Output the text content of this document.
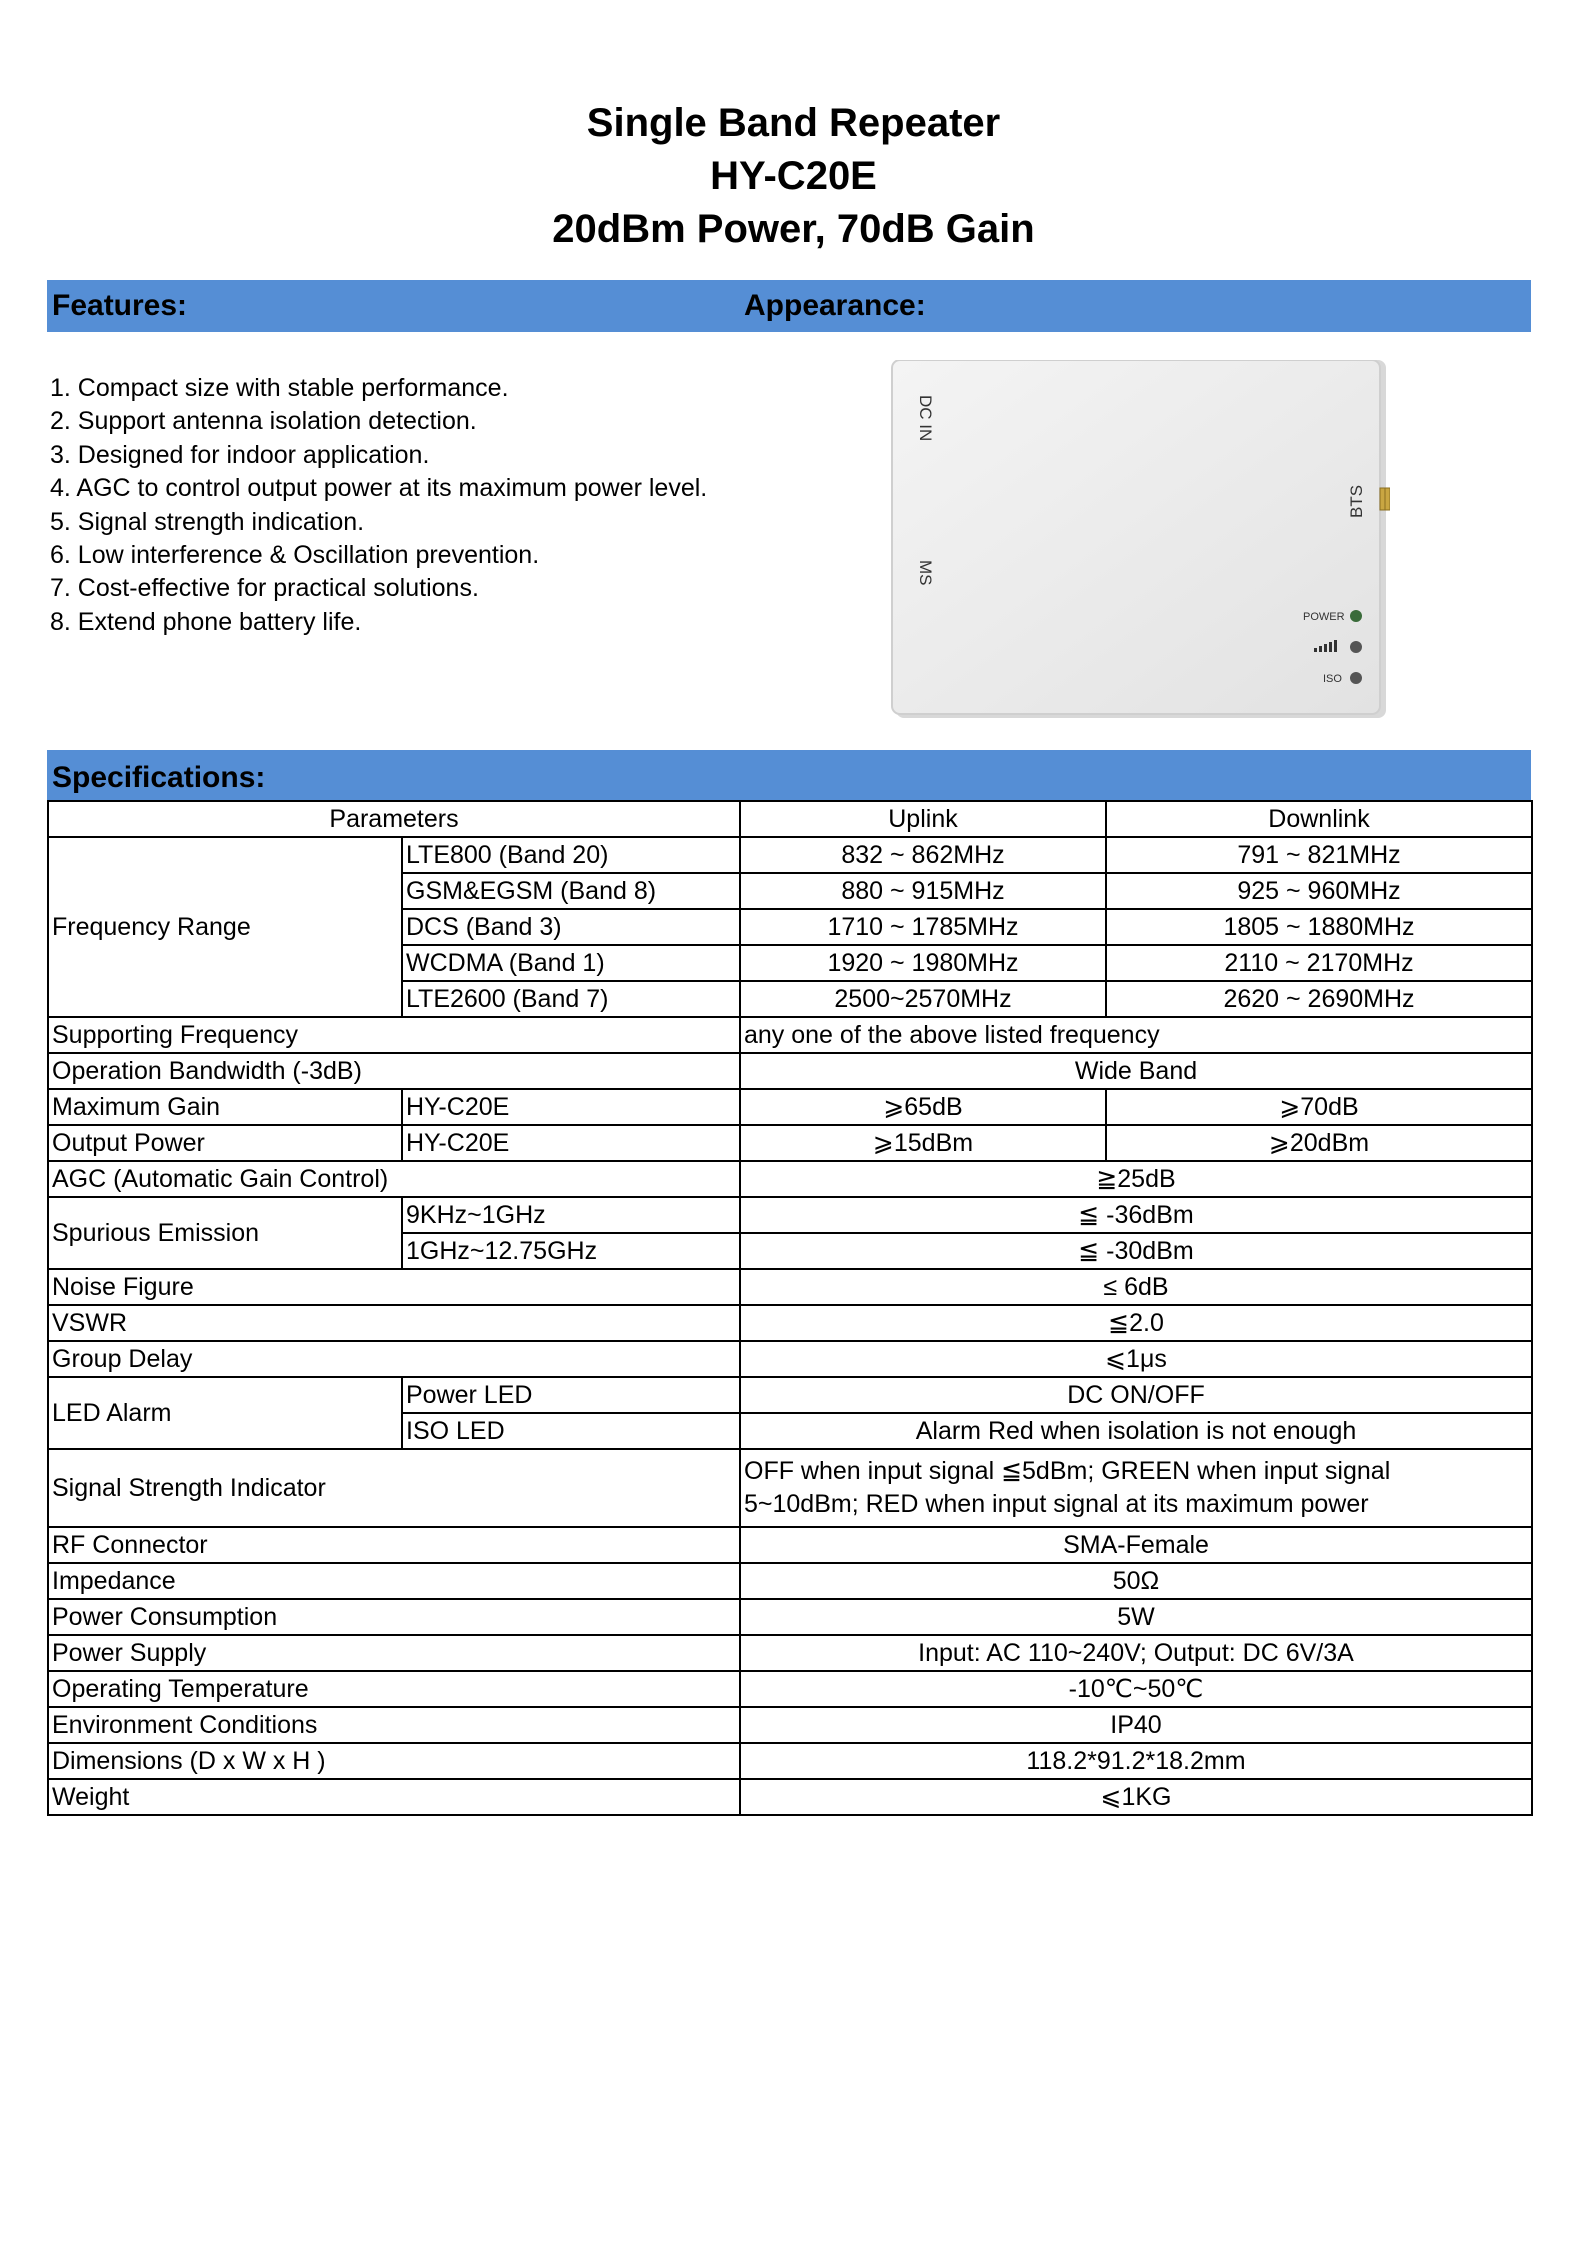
Single Band Repeater
HY-C20E
20dBm Power, 70dB Gain
Features:	Appearance:
1. Compact size with stable performance.
2. Support antenna isolation detection.
3. Designed for indoor application.
4. AGC to control output power at its maximum power level.
5. Signal strength indication.
6. Low interference & Oscillation prevention.
7. Cost-effective for practical solutions.
8. Extend phone battery life.
DC IN
MS
BTS
POWER
ISO
Specifications:
Parameters		Uplink	Downlink
Frequency Range	LTE800 (Band 20)	832 ~ 862MHz	791 ~ 821MHz
	GSM&EGSM (Band 8)	880 ~ 915MHz	925 ~ 960MHz
	DCS (Band 3)	1710 ~ 1785MHz	1805 ~ 1880MHz
	WCDMA (Band 1)	1920 ~ 1980MHz	2110 ~ 2170MHz
	LTE2600 (Band 7)	2500~2570MHz	2620 ~ 2690MHz
Supporting Frequency		any one of the above listed frequency	
Operation Bandwidth (-3dB)		Wide Band	
Maximum Gain	HY-C20E	⩾65dB	⩾70dB
Output Power	HY-C20E	⩾15dBm	⩾20dBm
AGC (Automatic Gain Control)		≧25dB	
Spurious Emission	9KHz~1GHz	≦ -36dBm	
	1GHz~12.75GHz	≦ -30dBm	
Noise Figure		≤ 6dB	
VSWR		≦2.0	
Group Delay		⩽1μs	
LED Alarm	Power LED	DC ON/OFF	
	ISO LED	Alarm Red when isolation is not enough	
Signal Strength Indicator		OFF when input signal ≦5dBm; GREEN when input signal 5~10dBm; RED when input signal at its maximum power	
RF Connector		SMA-Female	
Impedance		50Ω	
Power Consumption		5W	
Power Supply		Input: AC 110~240V; Output: DC 6V/3A	
Operating Temperature		-10℃~50℃	
Environment Conditions		IP40	
Dimensions (D x W x H )		118.2*91.2*18.2mm	
Weight		⩽1KG	
